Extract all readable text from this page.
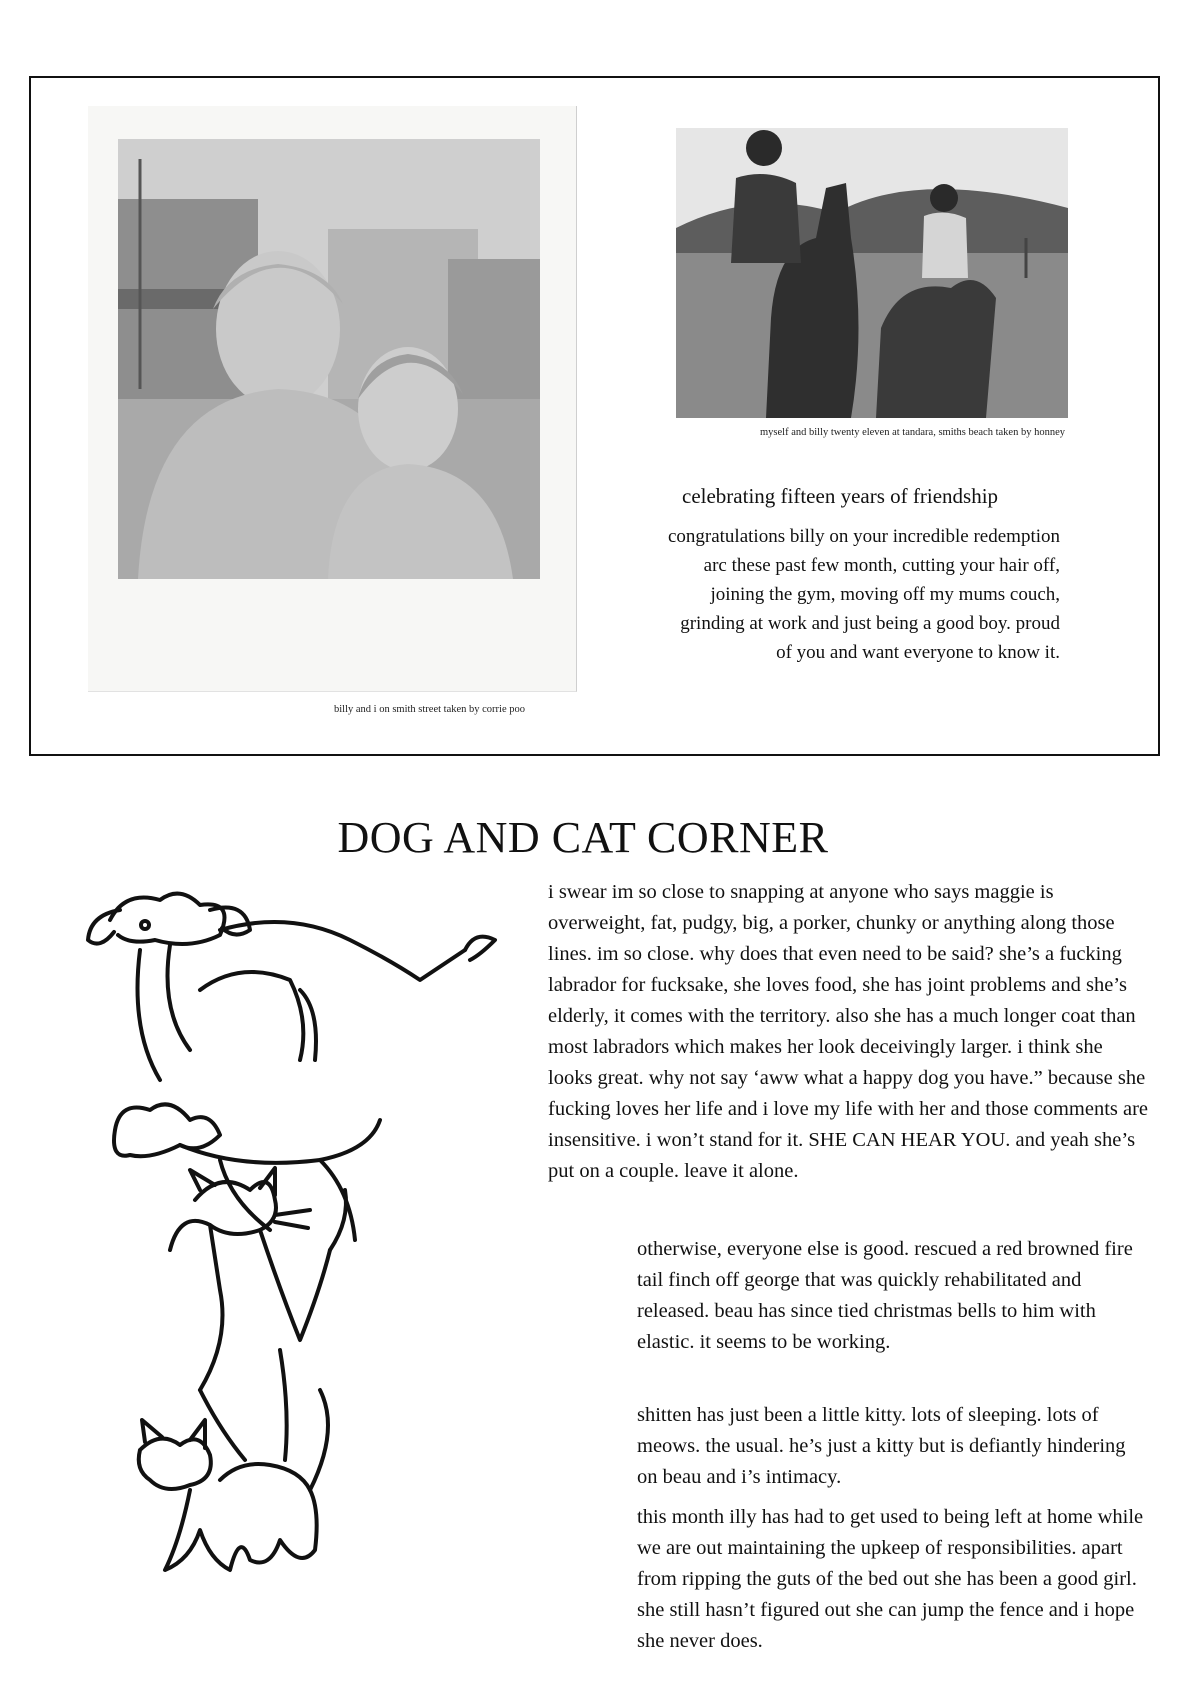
billy and i on smith street taken by corrie poo
myself and billy twenty eleven at tandara, smiths beach taken by honney
celebrating fifteen years of friendship
congratulations billy on your incredible redemption arc these past few month, cutting your hair off, joining the gym, moving off my mums couch, grinding at work and just being a good boy. proud of you and want everyone to know it.
DOG AND CAT CORNER
i swear im so close to snapping at anyone who says maggie is overweight, fat, pudgy, big, a porker, chunky or anything along those lines. im so close. why does that even need to be said? she’s a fucking labrador for fucksake, she loves food, she has joint problems and she’s elderly, it comes with the territory. also she has a much longer coat than most labradors which makes her look deceivingly larger. i think she looks great. why not say ‘aww what a happy dog you have.” because she fucking loves her life and i love my life with her and those comments are insensitive. i won’t stand for it. SHE CAN HEAR YOU. and yeah she’s put on a couple. leave it alone.
otherwise, everyone else is good. rescued a red browned fire tail finch off george that was quickly rehabilitated and released. beau has since tied christmas bells to him with elastic. it seems to be working.
shitten has just been a little kitty. lots of sleeping. lots of meows. the usual. he’s just a kitty but is defiantly hindering on beau and i’s intimacy.
this month illy has had to get used to being left at home while we are out maintaining the upkeep of responsibilities. apart from ripping the guts of the bed out she has been a good girl. she still hasn’t figured out she can jump the fence and i hope she never does.
